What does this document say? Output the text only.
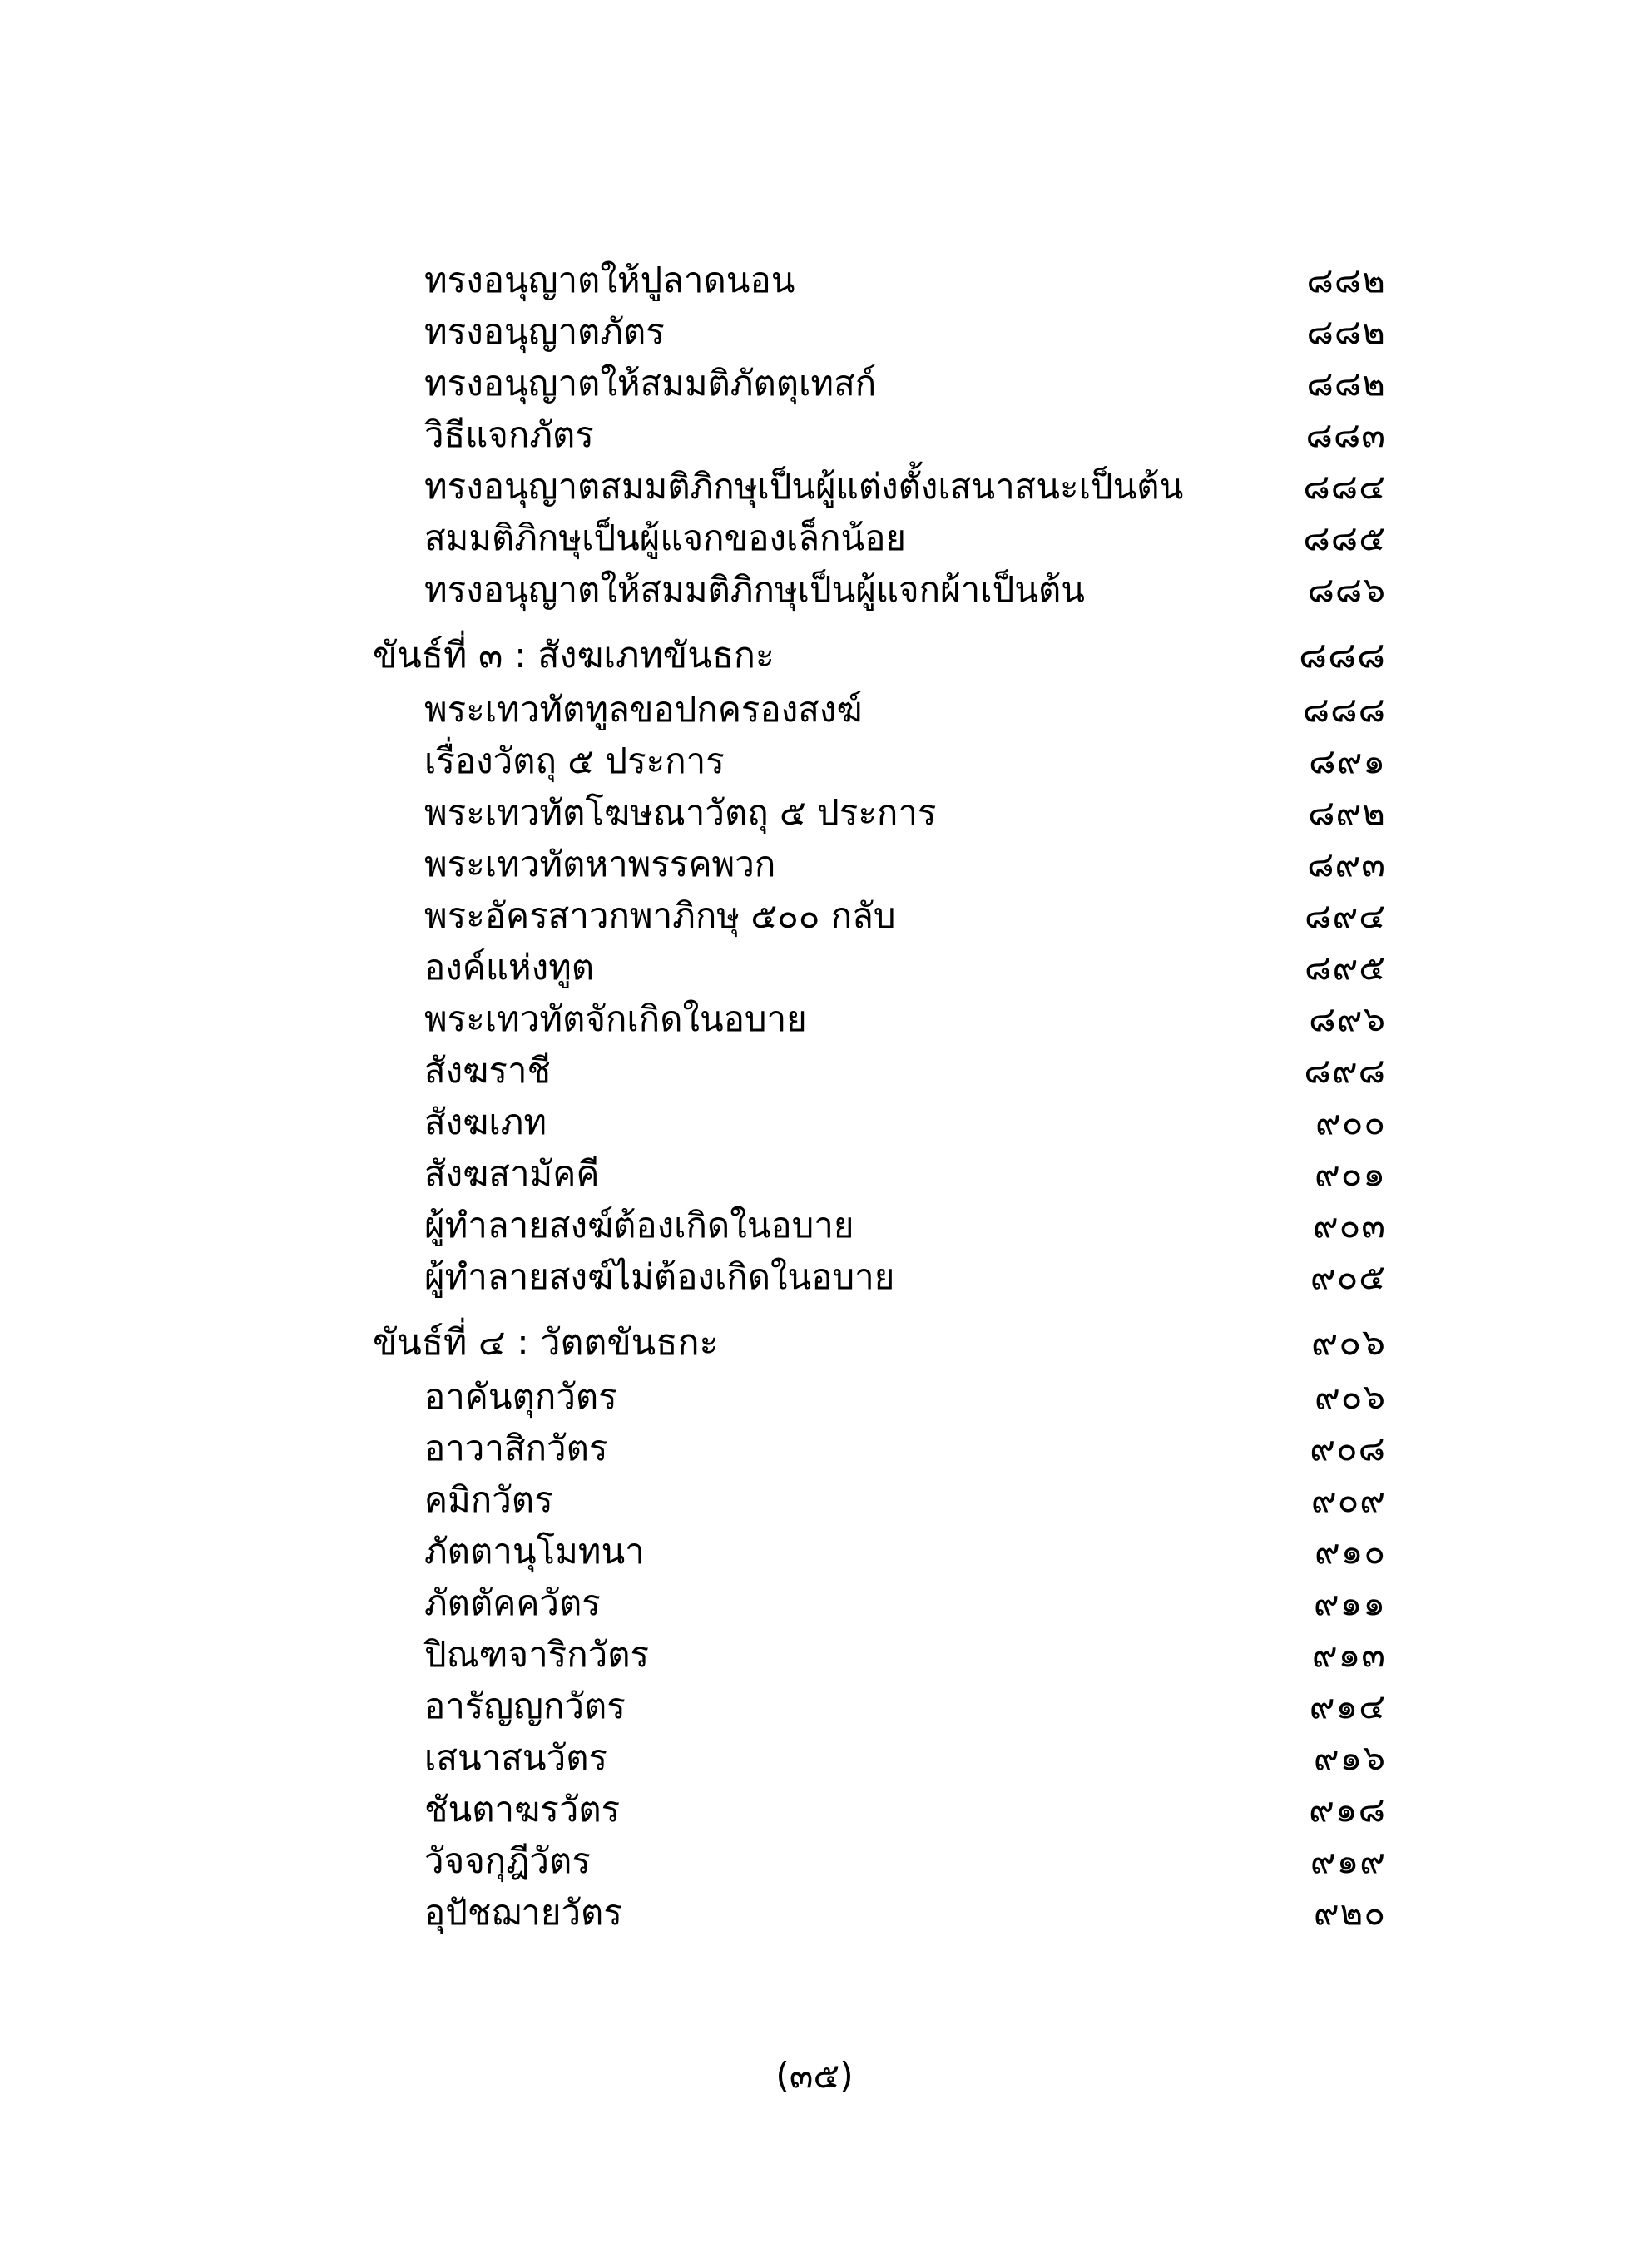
ทรงอนุญาตให้ปูลาดนอน	๘๘๒
ทรงอนุญาตภัตร	๘๘๒
ทรงอนุญาตให้สมมติภัตตุเทสก์	๘๘๒
วิธีแจกภัตร	๘๘๓
ทรงอนุญาตสมมติภิกษุเป็นผู้แต่งตั้งเสนาสนะเป็นต้น	๘๘๔
สมมติภิกษุเป็นผู้แจกของเล็กน้อย	๘๘๕
ทรงอนุญาตให้สมมติภิกษุเป็นผู้แจกผ้าเป็นต้น	๘๘๖
ขันธ์ที่ ๓ : สังฆเภทขันธกะ	๘๘๘
พระเทวทัตทูลขอปกครองสงฆ์	๘๘๘
เรื่องวัตถุ ๕ ประการ	๘๙๑
พระเทวทัตโฆษณาวัตถุ ๕ ประการ	๘๙๒
พระเทวทัตหาพรรคพวก	๘๙๓
พระอัครสาวกพาภิกษุ ๕๐๐ กลับ	๘๙๔
องค์แห่งทูต	๘๙๕
พระเทวทัตจักเกิดในอบาย	๘๙๖
สังฆราชี	๘๙๘
สังฆเภท	๙๐๐
สังฆสามัคคี	๙๐๑
ผู้ทำลายสงฆ์ต้องเกิดในอบาย	๙๐๓
ผู้ทำลายสงฆ์ไม่ต้องเกิดในอบาย	๙๐๕
ขันธ์ที่ ๔ : วัตตขันธกะ	๙๐๖
อาคันตุกวัตร	๙๐๖
อาวาสิกวัตร	๙๐๘
คมิกวัตร	๙๐๙
ภัตตานุโมทนา	๙๑๐
ภัตตัคควัตร	๙๑๑
ปิณฑจาริกวัตร	๙๑๓
อารัญญกวัตร	๙๑๔
เสนาสนวัตร	๙๑๖
ชันตาฆรวัตร	๙๑๘
วัจจกุฎีวัตร	๙๑๙
อุปัชฌายวัตร	๙๒๐
(๓๕)
